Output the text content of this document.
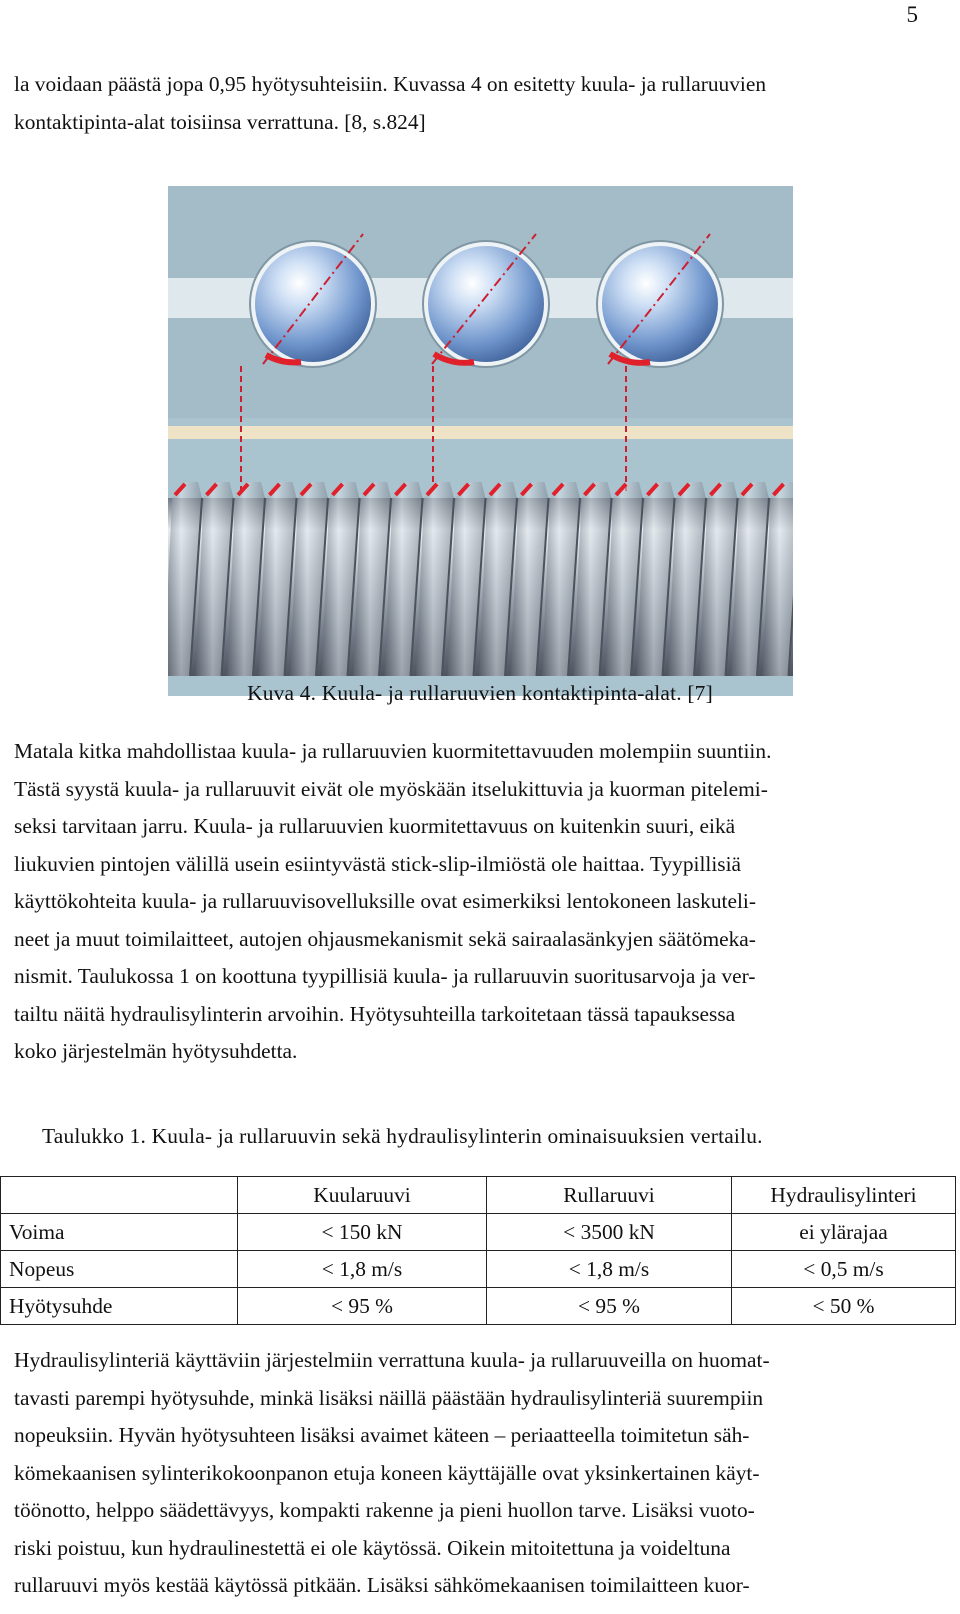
5
la voidaan päästä jopa 0,95 hyötysuhteisiin. Kuvassa 4 on esitetty kuula- ja rullaruuvien
kontaktipinta-alat toisiinsa verrattuna. [8, s.824]
Kuva 4. Kuula- ja rullaruuvien kontaktipinta-alat. [7]
Matala kitka mahdollistaa kuula- ja rullaruuvien kuormitettavuuden molempiin suuntiin.
Tästä syystä kuula- ja rullaruuvit eivät ole myöskään itselukittuvia ja kuorman pitelemi-
seksi tarvitaan jarru. Kuula- ja rullaruuvien kuormitettavuus on kuitenkin suuri, eikä
liukuvien pintojen välillä usein esiintyvästä stick-slip-ilmiöstä ole haittaa. Tyypillisiä
käyttökohteita kuula- ja rullaruuvisovelluksille ovat esimerkiksi lentokoneen laskuteli-
neet ja muut toimilaitteet, autojen ohjausmekanismit sekä sairaalasänkyjen säätömeka-
nismit. Taulukossa 1 on koottuna tyypillisiä kuula- ja rullaruuvin suoritusarvoja ja ver-
tailtu näitä hydraulisylinterin arvoihin. Hyötysuhteilla tarkoitetaan tässä tapauksessa
koko järjestelmän hyötysuhdetta.
Taulukko 1. Kuula- ja rullaruuvin sekä hydraulisylinterin ominaisuuksien vertailu.
	Kuularuuvi	Rullaruuvi	Hydraulisylinteri
Voima	< 150 kN	< 3500 kN	ei ylärajaa
Nopeus	< 1,8 m/s	< 1,8 m/s	< 0,5 m/s
Hyötysuhde	< 95 %	< 95 %	< 50 %
Hydraulisylinteriä käyttäviin järjestelmiin verrattuna kuula- ja rullaruuveilla on huomat-
tavasti parempi hyötysuhde, minkä lisäksi näillä päästään hydraulisylinteriä suurempiin
nopeuksiin. Hyvän hyötysuhteen lisäksi avaimet käteen – periaatteella toimitetun säh-
kömekaanisen sylinterikokoonpanon etuja koneen käyttäjälle ovat yksinkertainen käyt-
töönotto, helppo säädettävyys, kompakti rakenne ja pieni huollon tarve. Lisäksi vuoto-
riski poistuu, kun hydraulinestettä ei ole käytössä. Oikein mitoitettuna ja voideltuna
rullaruuvi myös kestää käytössä pitkään. Lisäksi sähkömekaanisen toimilaitteen kuor-
